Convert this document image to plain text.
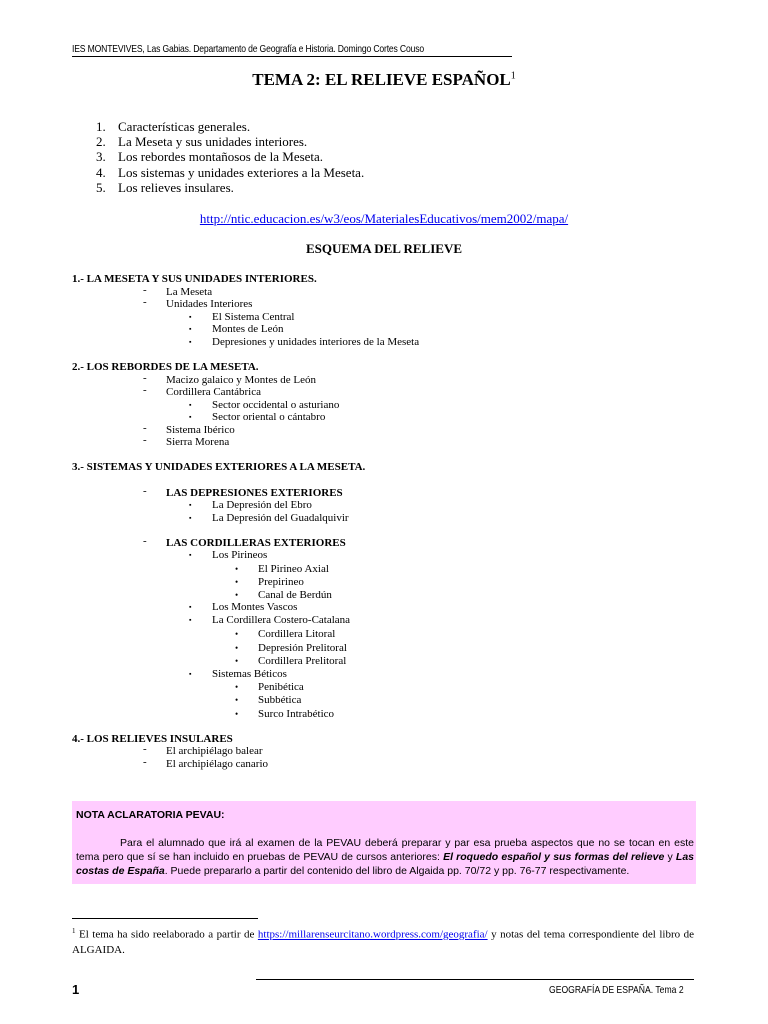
IES MONTEVIVES, Las Gabias. Departamento de Geografía e Historia. Domingo Cortes Couso
TEMA 2: EL RELIEVE ESPAÑOL$^1$
1. Características generales.
2. La Meseta y sus unidades interiores.
3. Los rebordes montañosos de la Meseta.
4. Los sistemas y unidades exteriores a la Meseta.
5. Los relieves insulares.
http://ntic.educacion.es/w3/eos/MaterialesEducativos/mem2002/mapa/
ESQUEMA DEL RELIEVE
1.- LA MESETA Y SUS UNIDADES INTERIORES.
- La Meseta
- Unidades Interiores
▪ El Sistema Central
▪ Montes de León
▪ Depresiones y unidades interiores de la Meseta
2.- LOS REBORDES DE LA MESETA.
- Macizo galaico y Montes de León
- Cordillera Cantábrica
▪ Sector occidental o asturiano
▪ Sector oriental o cántabro
- Sistema Ibérico
- Sierra Morena
3.- SISTEMAS Y UNIDADES EXTERIORES A LA MESETA.
- LAS DEPRESIONES EXTERIORES
▪ La Depresión del Ebro
▪ La Depresión del Guadalquivir
- LAS CORDILLERAS EXTERIORES
▪ Los Pirineos
• El Pirineo Axial
• Prepirineo
• Canal de Berdún
▪ Los Montes Vascos
▪ La Cordillera Costero-Catalana
• Cordillera Litoral
• Depresión Prelitoral
• Cordillera Prelitoral
▪ Sistemas Béticos
• Penibética
• Subbética
• Surco Intrabético
4.- LOS RELIEVES INSULARES
- El archipiélago balear
- El archipiélago canario
NOTA ACLARATORIA PEVAU:

Para el alumnado que irá al examen de la PEVAU deberá preparar y par esa prueba aspectos que no se tocan en este tema pero que sí se han incluido en pruebas de PEVAU de cursos anteriores: El roquedo español y sus formas del relieve y Las costas de España. Puede prepararlo a partir del contenido del libro de Algaida pp. 70/72 y pp. 76-77 respectivamente.

$^1$ El tema ha sido reelaborado a partir de https://millarenseurcitano.wordpress.com/geografia/ y notas del tema correspondiente del libro de ALGAIDA.
1	GEOGRAFÍA DE ESPAÑA. Tema 2
